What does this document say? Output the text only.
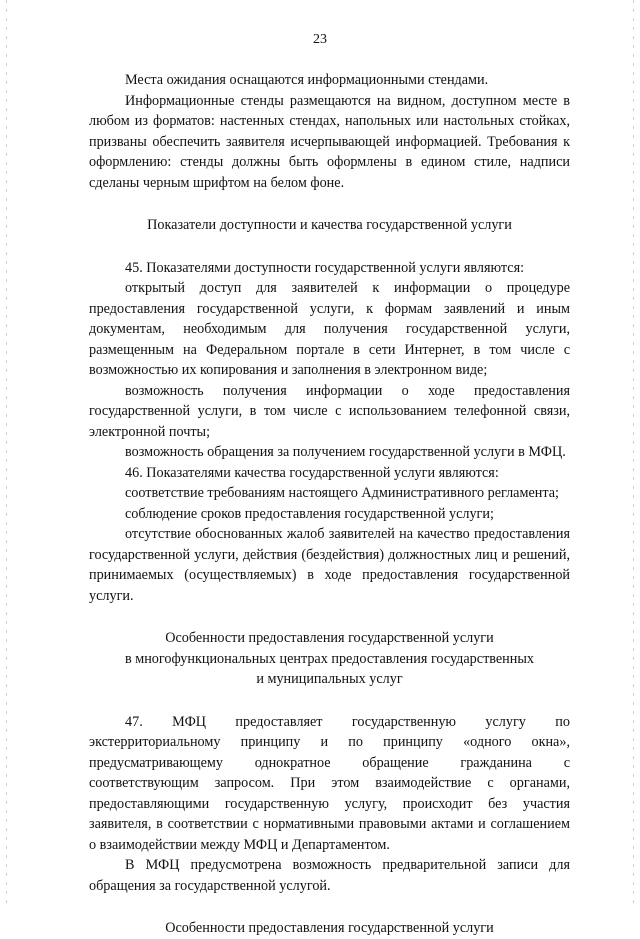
23

Места ожидания оснащаются информационными стендами.

Информационные стенды размещаются на видном, доступном месте в любом из форматов: настенных стендах, напольных или настольных стойках, призваны обеспечить заявителя исчерпывающей информацией. Требования к оформлению: стенды должны быть оформлены в едином стиле, надписи сделаны черным шрифтом на белом фоне.

Показатели доступности и качества государственной услуги

45. Показателями доступности государственной услуги являются:

открытый доступ для заявителей к информации о процедуре предоставления государственной услуги, к формам заявлений и иным документам, необходимым для получения государственной услуги, размещенным на Федеральном портале в сети Интернет, в том числе с возможностью их копирования и заполнения в электронном виде;

возможность получения информации о ходе предоставления государственной услуги, в том числе с использованием телефонной связи, электронной почты;

возможность обращения за получением государственной услуги в МФЦ.

46. Показателями качества государственной услуги являются:

соответствие требованиям настоящего Административного регламента;

соблюдение сроков предоставления государственной услуги;

отсутствие обоснованных жалоб заявителей на качество предоставления государственной услуги, действия (бездействия) должностных лиц и решений, принимаемых (осуществляемых) в ходе предоставления государственной услуги.

Особенности предоставления государственной услуги

в многофункциональных центрах предоставления государственных

и муниципальных услуг

47. МФЦ предоставляет государственную услугу по экстерриториальному принципу и по принципу «одного окна», предусматривающему однократное обращение гражданина с соответствующим запросом. При этом взаимодействие с органами, предоставляющими государственную услугу, происходит без участия заявителя, в соответствии с нормативными правовыми актами и соглашением о взаимодействии между МФЦ и Департаментом.

В МФЦ предусмотрена возможность предварительной записи для обращения за государственной услугой.

Особенности предоставления государственной услуги
